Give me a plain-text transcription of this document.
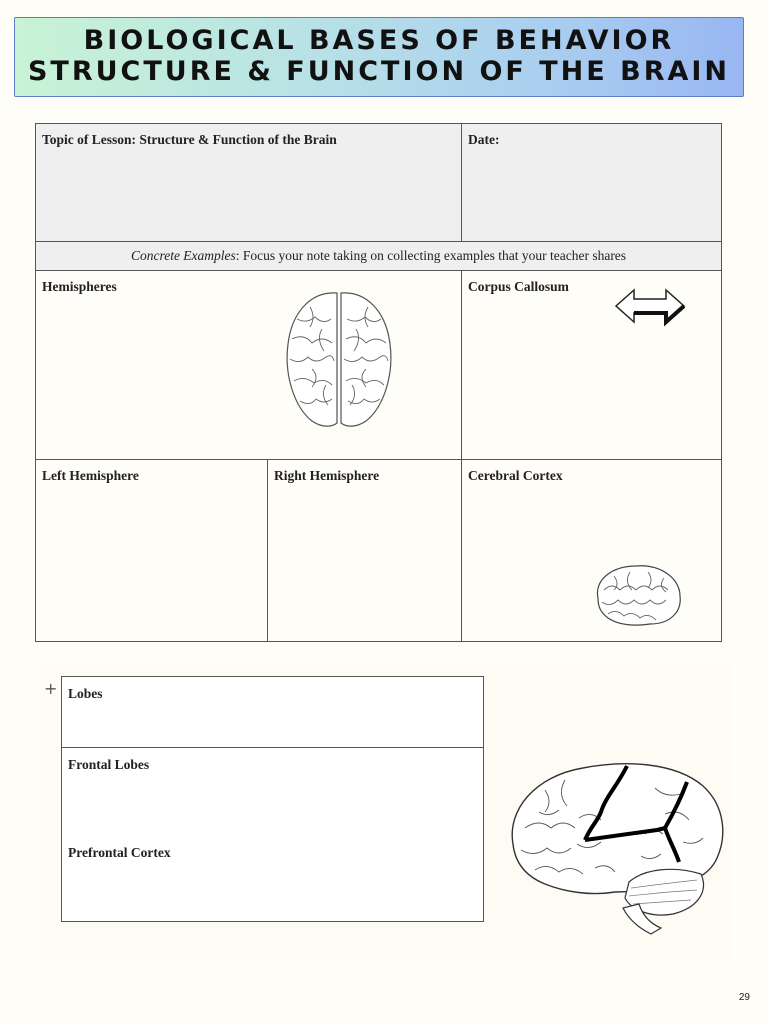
BIOLOGICAL BASES OF BEHAVIOR
STRUCTURE & FUNCTION OF THE BRAIN
Topic of Lesson: Structure & Function of the Brain		Date:
Concrete Examples: Focus your note taking on collecting examples that your teacher shares		
Hemispheres		Corpus Callosum

Left Hemisphere	Right Hemisphere	Cerebral Cortex
+ Lobes

Frontal Lobes
Prefrontal Cortex
29
